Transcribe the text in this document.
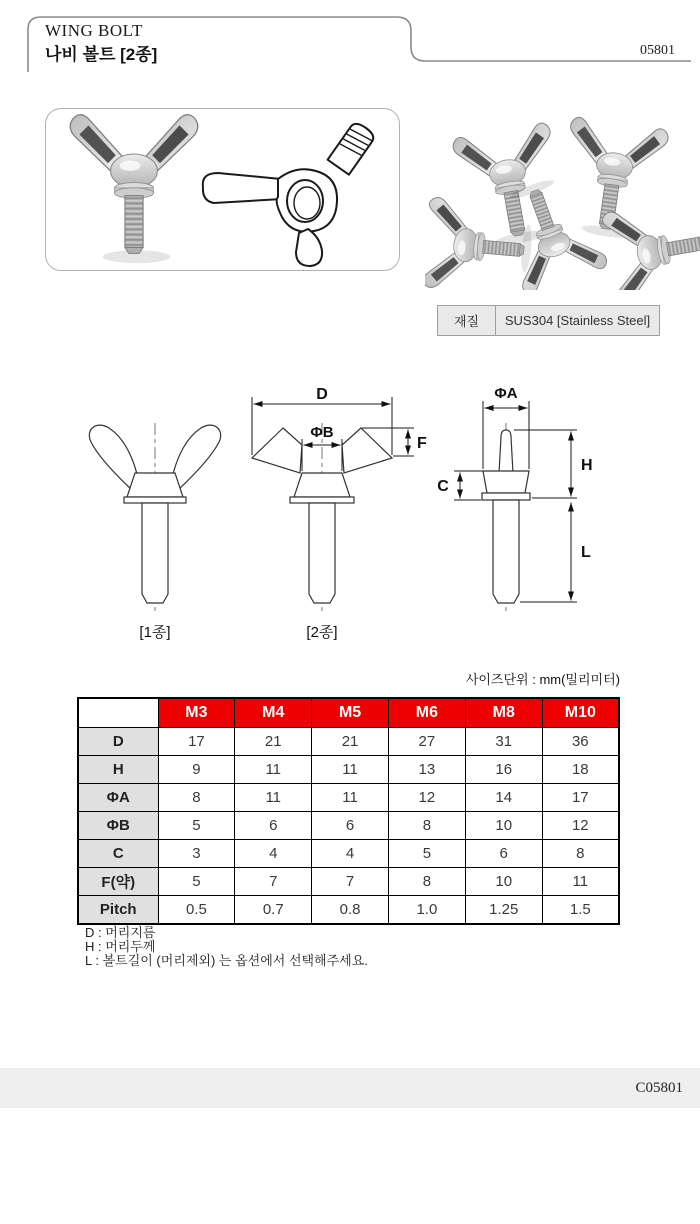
WING BOLT
나비 볼트 [2종]	05801
재질	SUS304 [Stainless Steel]
[1종]
D
ΦB
F
[2종]
ΦA
C
H
L
사이즈단위 : mm(밀리미터)
	M3	M4	M5	M6	M8	M10
D	17	21	21	27	31	36
H	9	11	11	13	16	18
ΦA	8	11	11	12	14	17
ΦB	5	6	6	8	10	12
C	3	4	4	5	6	8
F(약)	5	7	7	8	10	11
Pitch	0.5	0.7	0.8	1.0	1.25	1.5
D : 머리지름
H : 머리두께
L : 볼트길이 (머리제외) 는 옵션에서 선택해주세요.
C05801
